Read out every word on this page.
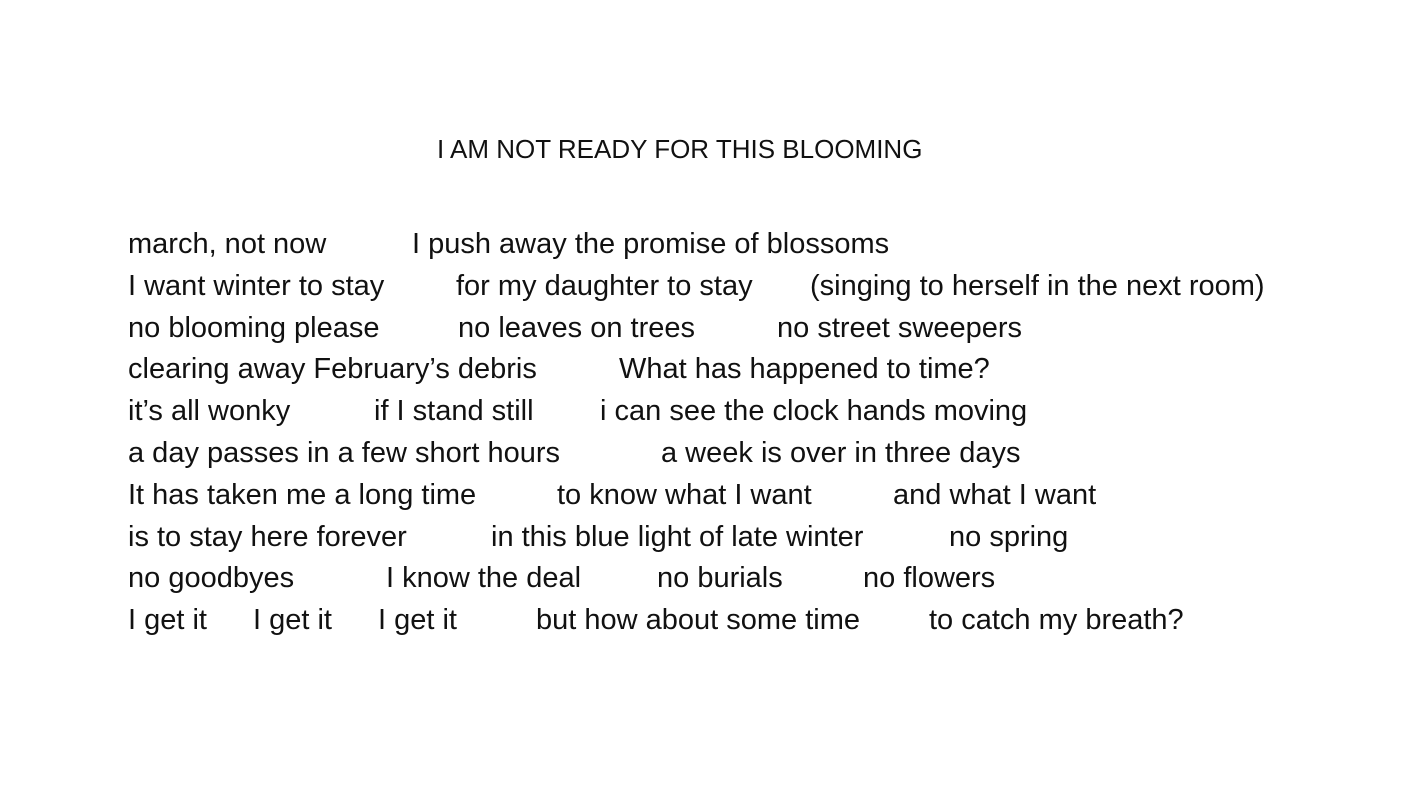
I AM NOT READY FOR THIS BLOOMING
march, not now	I push away the promise of blossoms
I want winter to stay for my daughter to stay (singing to herself in the next room)
no blooming please	no leaves on trees	no street sweepers
clearing away February’s debris	What has happened to time?
it’s all wonky	if I stand still i can see the clock hands moving
a day passes in a few short hours	a week is over in three days
It has taken me a long time	to know what I want	and what I want
is to stay here forever	in this blue light of late winter	no spring
no goodbyes	I know the deal	no burials	no flowers
I get it I get it I get it	but how about some time to catch my breath?
